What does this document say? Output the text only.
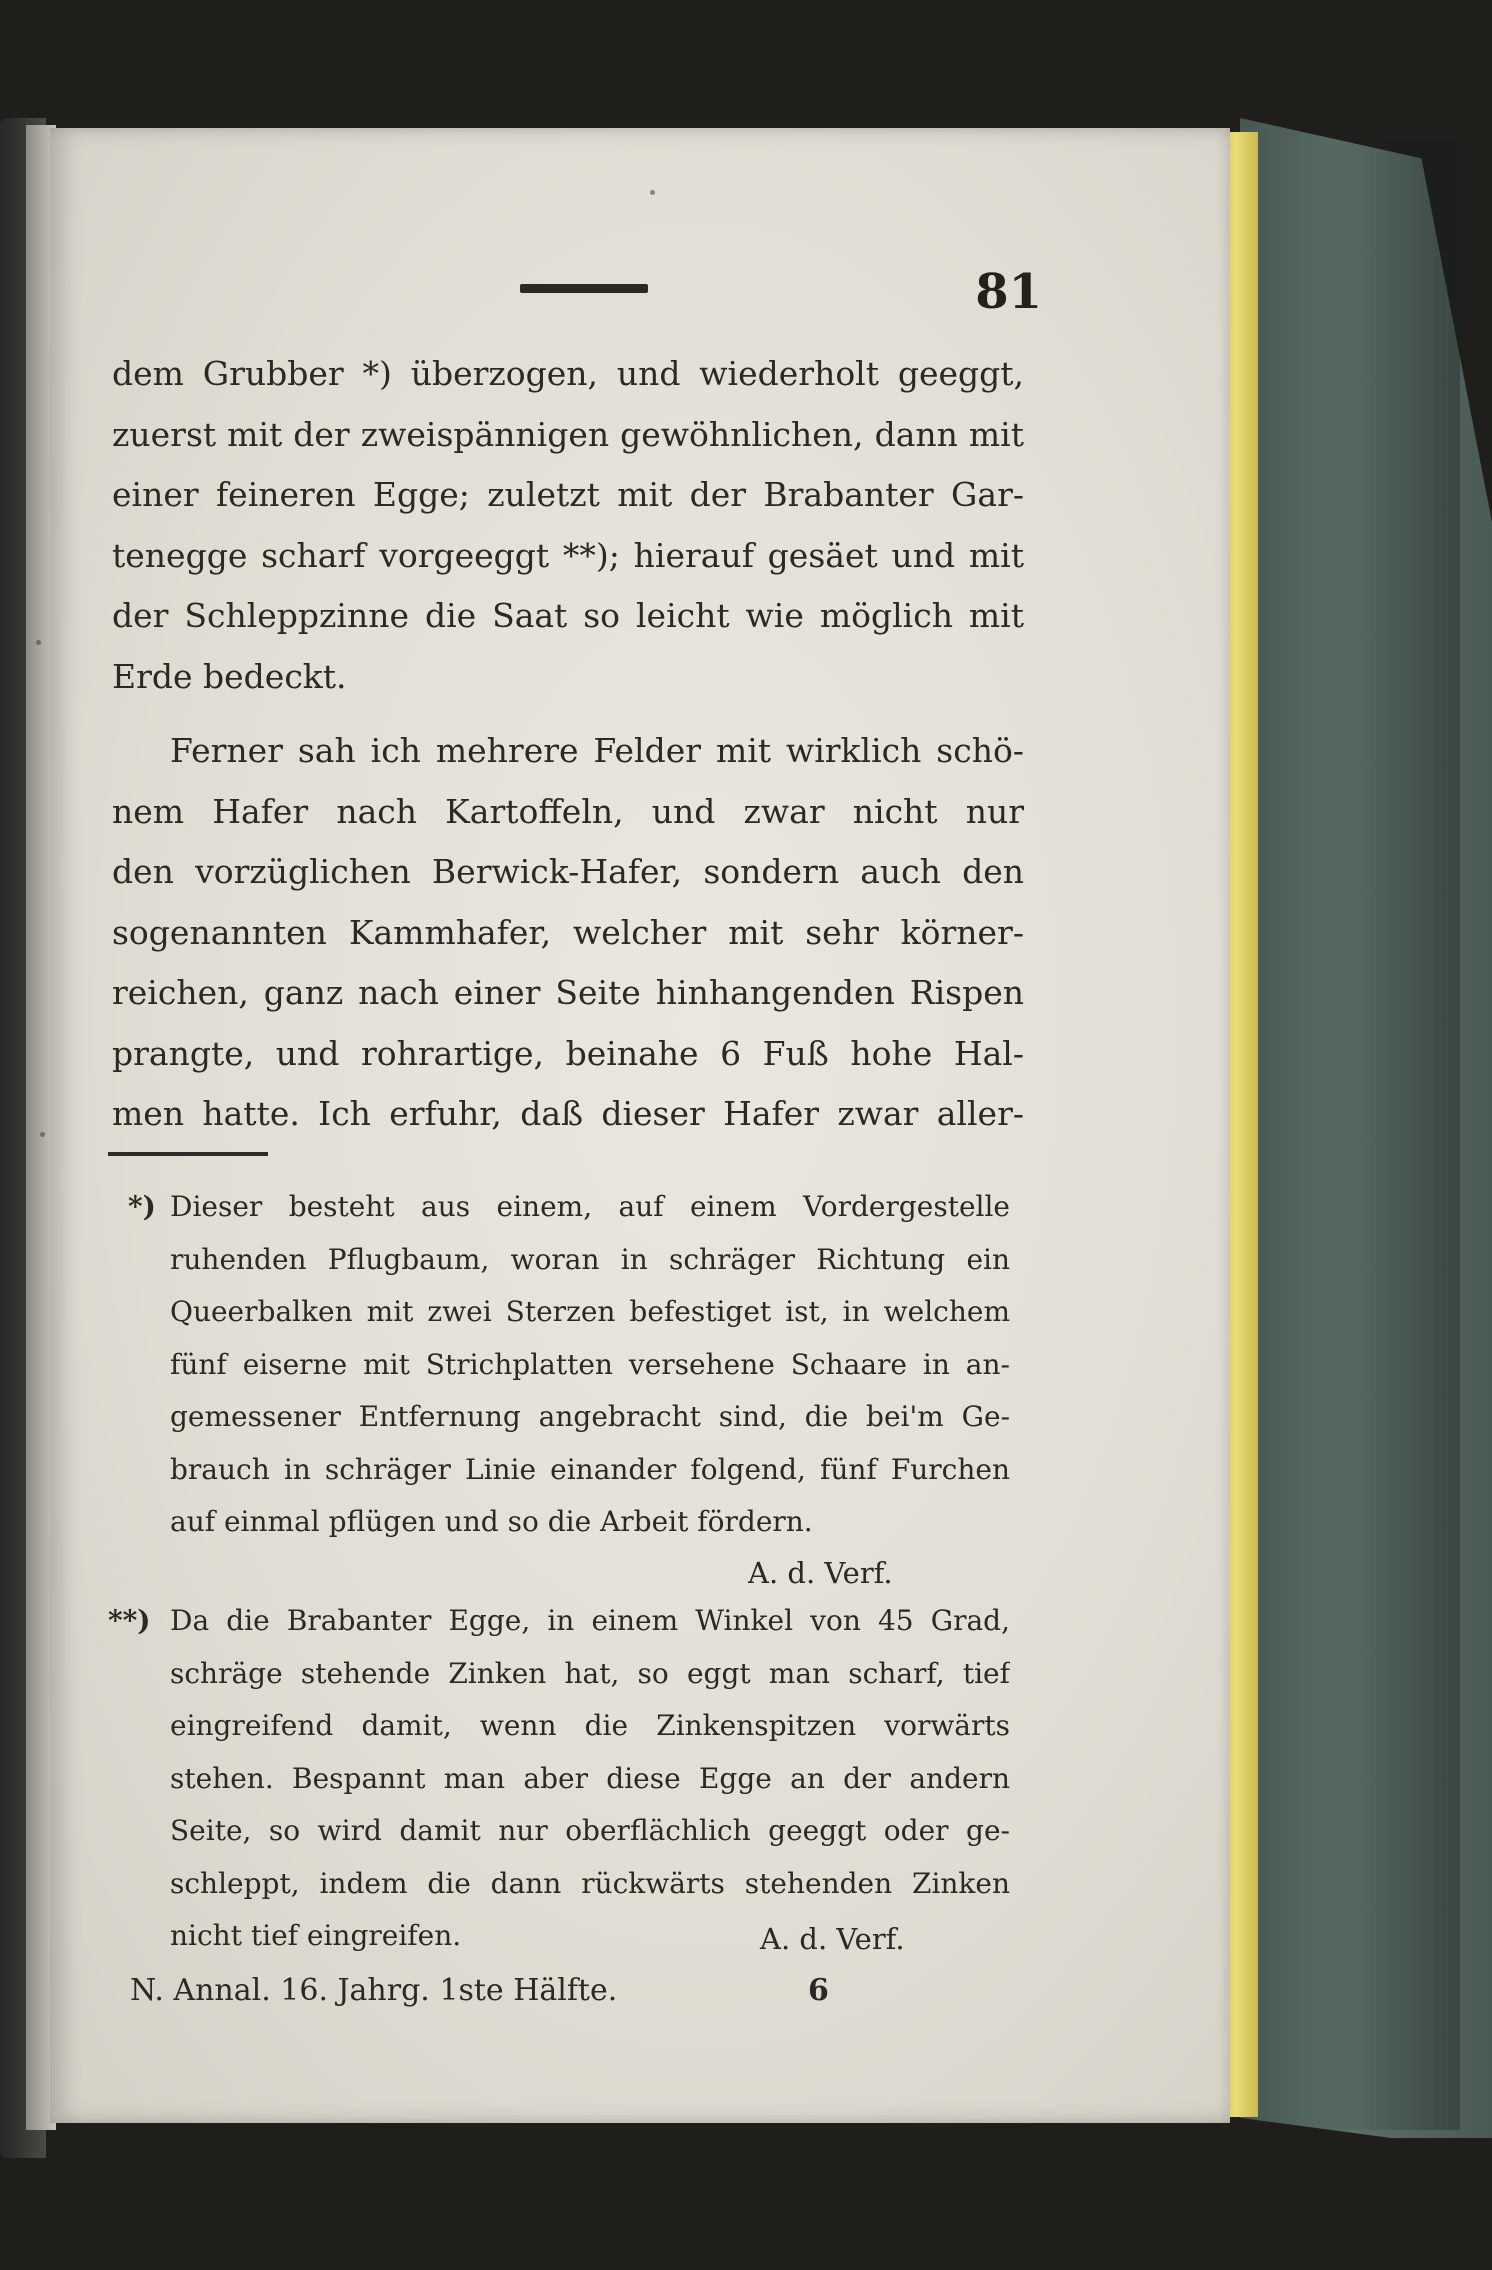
81
dem Grubber *) überzogen, und wiederholt geeggt,
zuerst mit der zweispännigen gewöhnlichen, dann mit
einer feineren Egge; zuletzt mit der Brabanter Gar-
tenegge scharf vorgeeggt **); hierauf gesäet und mit
der Schleppzinne die Saat so leicht wie möglich mit
Erde bedeckt.
Ferner sah ich mehrere Felder mit wirklich schö-
nem Hafer nach Kartoffeln, und zwar nicht nur
den vorzüglichen Berwick-Hafer, sondern auch den
sogenannten Kammhafer, welcher mit sehr körner-
reichen, ganz nach einer Seite hinhangenden Rispen
prangte, und rohrartige, beinahe 6 Fuß hohe Hal-
men hatte. Ich erfuhr, daß dieser Hafer zwar aller-
*) Dieser besteht aus einem, auf einem Vordergestelle
ruhenden Pflugbaum, woran in schräger Richtung ein
Queerbalken mit zwei Sterzen befestiget ist, in welchem
fünf eiserne mit Strichplatten versehene Schaare in an-
gemessener Entfernung angebracht sind, die bei'm Ge-
brauch in schräger Linie einander folgend, fünf Furchen
auf einmal pflügen und so die Arbeit fördern.
A. d. Verf.
**) Da die Brabanter Egge, in einem Winkel von 45 Grad,
schräge stehende Zinken hat, so eggt man scharf, tief
eingreifend damit, wenn die Zinkenspitzen vorwärts
stehen. Bespannt man aber diese Egge an der andern
Seite, so wird damit nur oberflächlich geeggt oder ge-
schleppt, indem die dann rückwärts stehenden Zinken
nicht tief eingreifen.	A. d. Verf.
N. Annal. 16. Jahrg. 1ste Hälfte.	6
